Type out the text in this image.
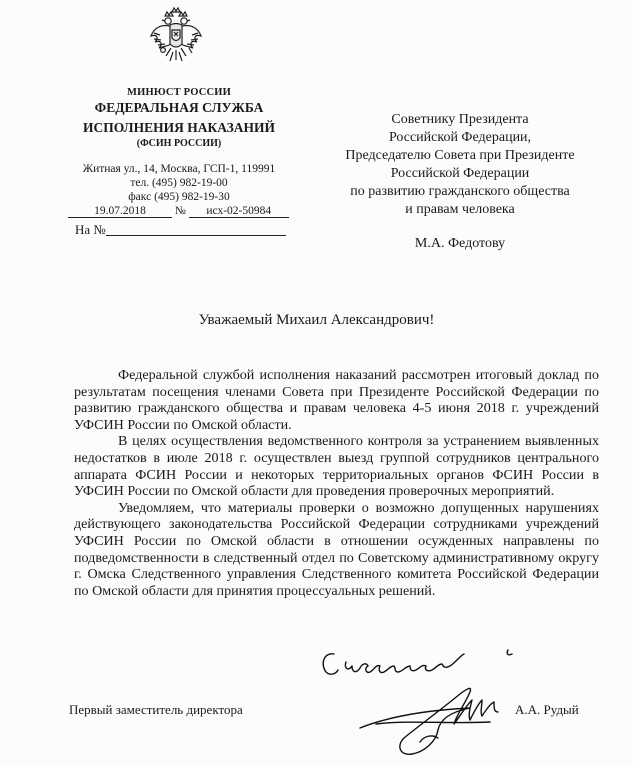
МИНЮСТ РОССИИ
ФЕДЕРАЛЬНАЯ СЛУЖБА
ИСПОЛНЕНИЯ НАКАЗАНИЙ
(ФСИН РОССИИ)
Житная ул., 14, Москва, ГСП-1, 119991
тел. (495) 982-19-00
факс (495) 982-19-30
19.07.2018	№ исх-02-50984
На №
Советнику Президента
Российской Федерации,
Председателю Совета при Президенте
Российской Федерации
по развитию гражданского общества
и правам человека
М.А. Федотову
Уважаемый Михаил Александрович!

Федеральной службой исполнения наказаний рассмотрен итоговый доклад по результатам посещения членами Совета при Президенте Российской Федерации по развитию гражданского общества и правам человека 4-5 июня 2018 г. учреждений УФСИН России по Омской области.

В целях осуществления ведомственного контроля за устранением выявленных недостатков в июле 2018 г. осуществлен выезд группой сотрудников центрального аппарата ФСИН России и некоторых территориальных органов ФСИН России в УФСИН России по Омской области для проведения проверочных мероприятий.

Уведомляем, что материалы проверки о возможно допущенных нарушениях действующего законодательства Российской Федерации сотрудниками учреждений УФСИН России по Омской области в отношении осужденных направлены по подведомственности в следственный отдел по Советскому административному округу г. Омска Следственного управления Следственного комитета Российской Федерации по Омской области для принятия процессуальных решений.

Первый заместитель директора	А.А. Рудый
